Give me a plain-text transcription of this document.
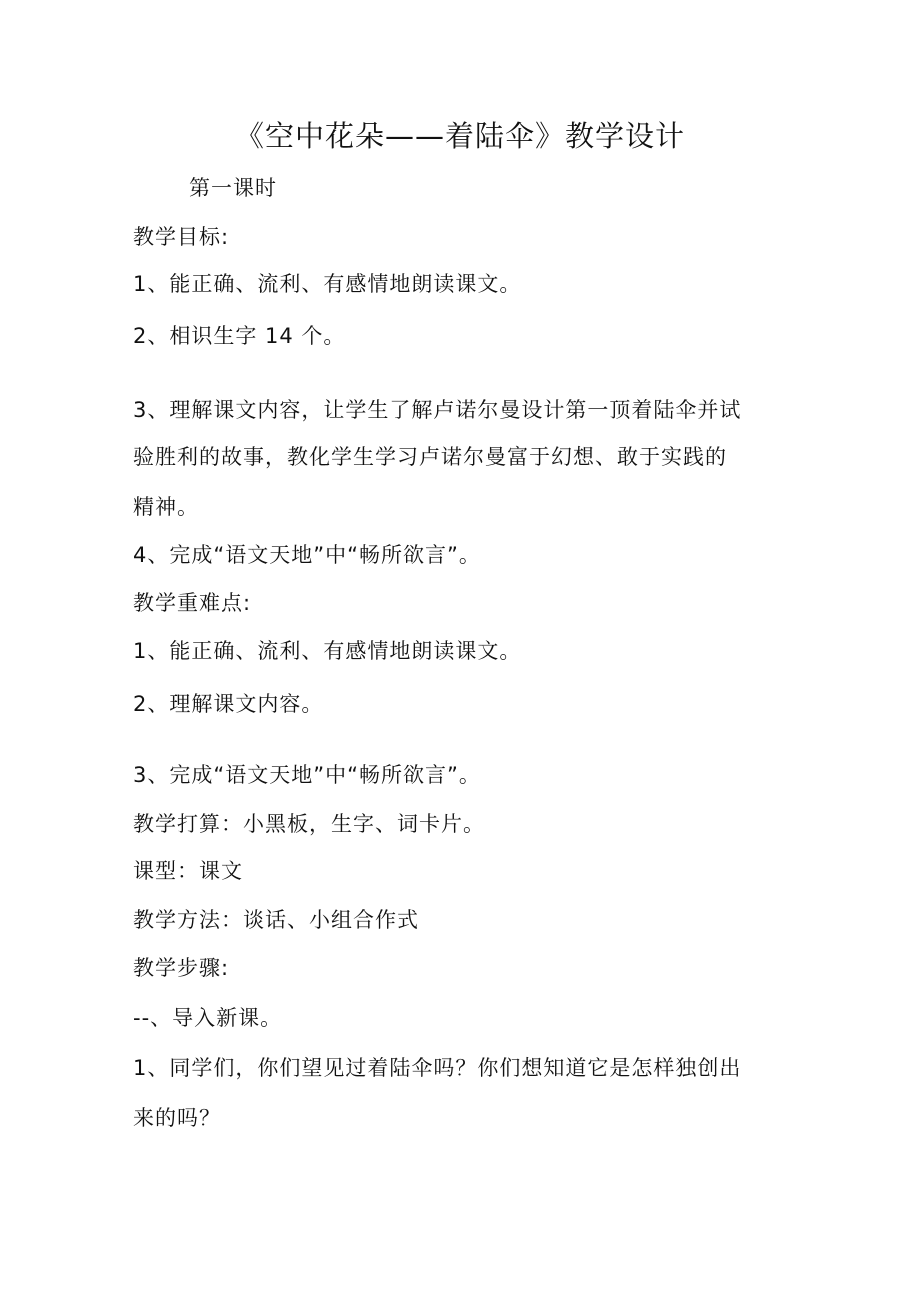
《空中花朵——着陆伞》教学设计
第一课时
教学目标:
1、能正确、流利、有感情地朗读课文。
2、相识生字 14 个。
3、理解课文内容，让学生了解卢诺尔曼设计第一顶着陆伞并试
验胜利的故事，教化学生学习卢诺尔曼富于幻想、敢于实践的
精神。
4、完成“语文天地”中“畅所欲言”。
教学重难点:
1、能正确、流利、有感情地朗读课文。
2、理解课文内容。
3、完成“语文天地”中“畅所欲言”。
教学打算：小黑板，生字、词卡片。
课型：课文
教学方法：谈话、小组合作式
教学步骤:
--、导入新课。
1、同学们，你们望见过着陆伞吗？你们想知道它是怎样独创出
来的吗？
